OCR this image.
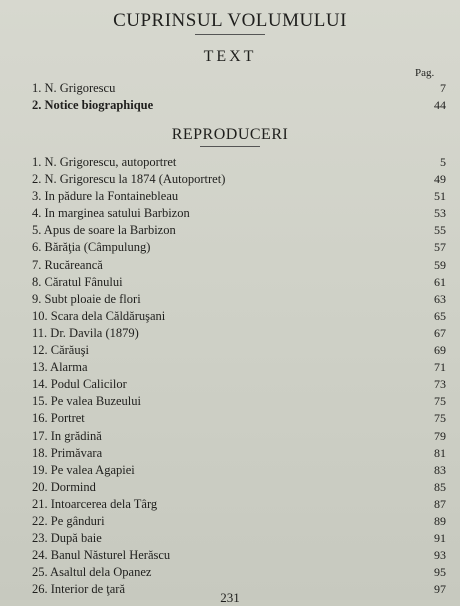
CUPRINSUL VOLUMULUI
TEXT
Pag.
1. N. Grigorescu	7
2. Notice biographique	44
REPRODUCERI
1. N. Grigorescu, autoportret	5
2. N. Grigorescu la 1874 (Autoportret)	49
3. In pădure la Fontainebleau	51
4. In marginea satului Barbizon	53
5. Apus de soare la Barbizon	55
6. Bărăţia (Câmpulung)	57
7. Rucăreancă	59
8. Căratul Fânului	61
9. Subt ploaie de flori	63
10. Scara dela Căldăruşani	65
11. Dr. Davila (1879)	67
12. Cărăuşi	69
13. Alarma	71
14. Podul Calicilor	73
15. Pe valea Buzeului	75
16. Portret	75
17. In grădină	79
18. Primăvara	81
19. Pe valea Agapiei	83
20. Dormind	85
21. Intoarcerea dela Târg	87
22. Pe gânduri	89
23. După baie	91
24. Banul Năsturel Herăscu	93
25. Asaltul dela Opanez	95
26. Interior de ţară	97
231
